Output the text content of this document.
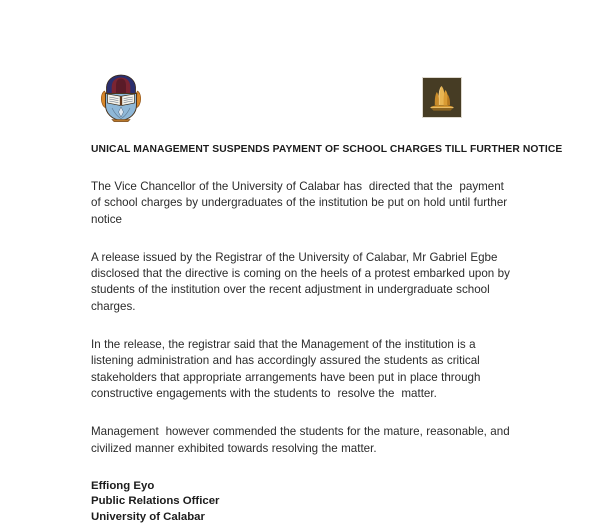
UNICAL MANAGEMENT SUSPENDS PAYMENT OF SCHOOL CHARGES TILL FURTHER NOTICE

The Vice Chancellor of the University of Calabar has  directed that the  payment of school charges by undergraduates of the institution be put on hold until further notice

A release issued by the Registrar of the University of Calabar, Mr Gabriel Egbe disclosed that the directive is coming on the heels of a protest embarked upon by students of the institution over the recent adjustment in undergraduate school charges.

In the release, the registrar said that the Management of the institution is a listening administration and has accordingly assured the students as critical stakeholders that appropriate arrangements have been put in place through constructive engagements with the students to  resolve the  matter.

Management  however commended the students for the mature, reasonable, and civilized manner exhibited towards resolving the matter.

Effiong Eyo
Public Relations Officer
University of Calabar
